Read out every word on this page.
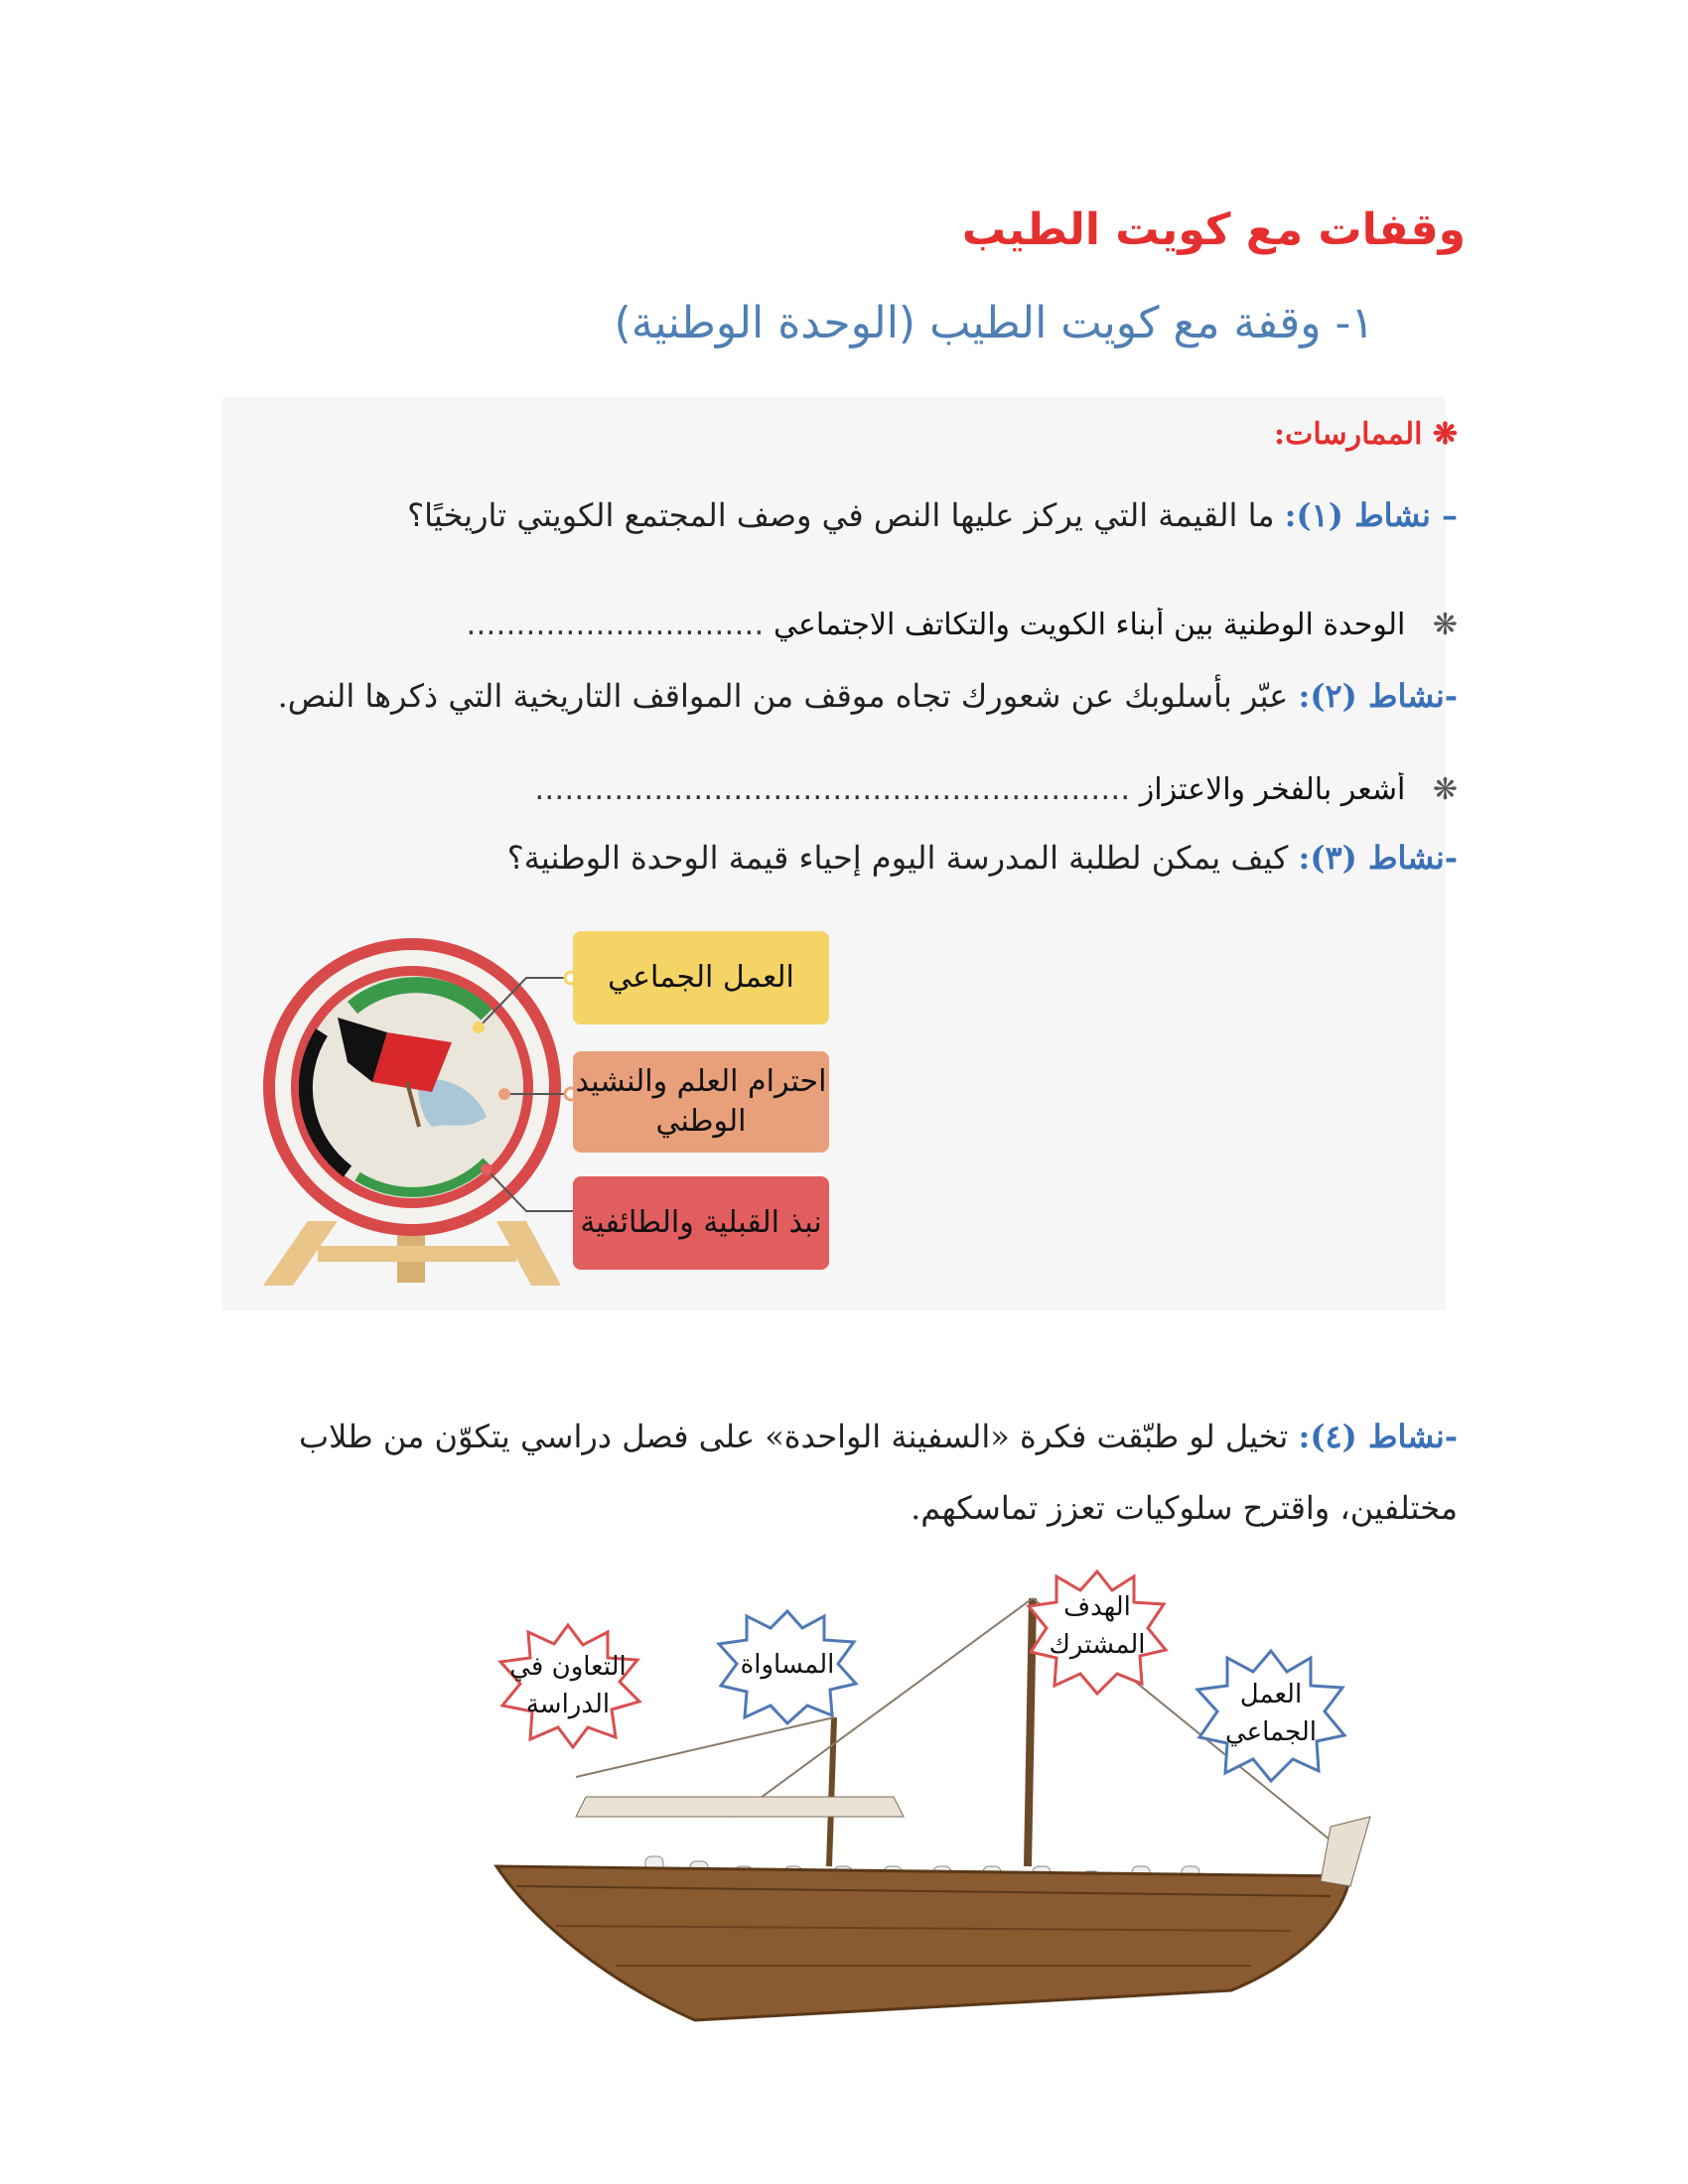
وقفات مع كويت الطيب
١- وقفة مع كويت الطيب (الوحدة الوطنية)
❋ الممارسات:
– نشاط (١): ما القيمة التي يركز عليها النص في وصف المجتمع الكويتي تاريخيًا؟
❋ الوحدة الوطنية بين أبناء الكويت والتكاتف الاجتماعي …………………………
-نشاط (٢): عبّر بأسلوبك عن شعورك تجاه موقف من المواقف التاريخية التي ذكرها النص.
❋ أشعر بالفخر والاعتزاز ……………………………………………………
-نشاط (٣): كيف يمكن لطلبة المدرسة اليوم إحياء قيمة الوحدة الوطنية؟
العمل الجماعي
احترام العلم والنشيد الوطني
نبذ القبلية والطائفية
-نشاط (٤): تخيل لو طبّقت فكرة «السفينة الواحدة» على فصل دراسي يتكوّن من طلاب
مختلفين، واقترح سلوكيات تعزز تماسكهم.
التعاون في الدراسة
المساواة
الهدف المشترك
العمل الجماعي
